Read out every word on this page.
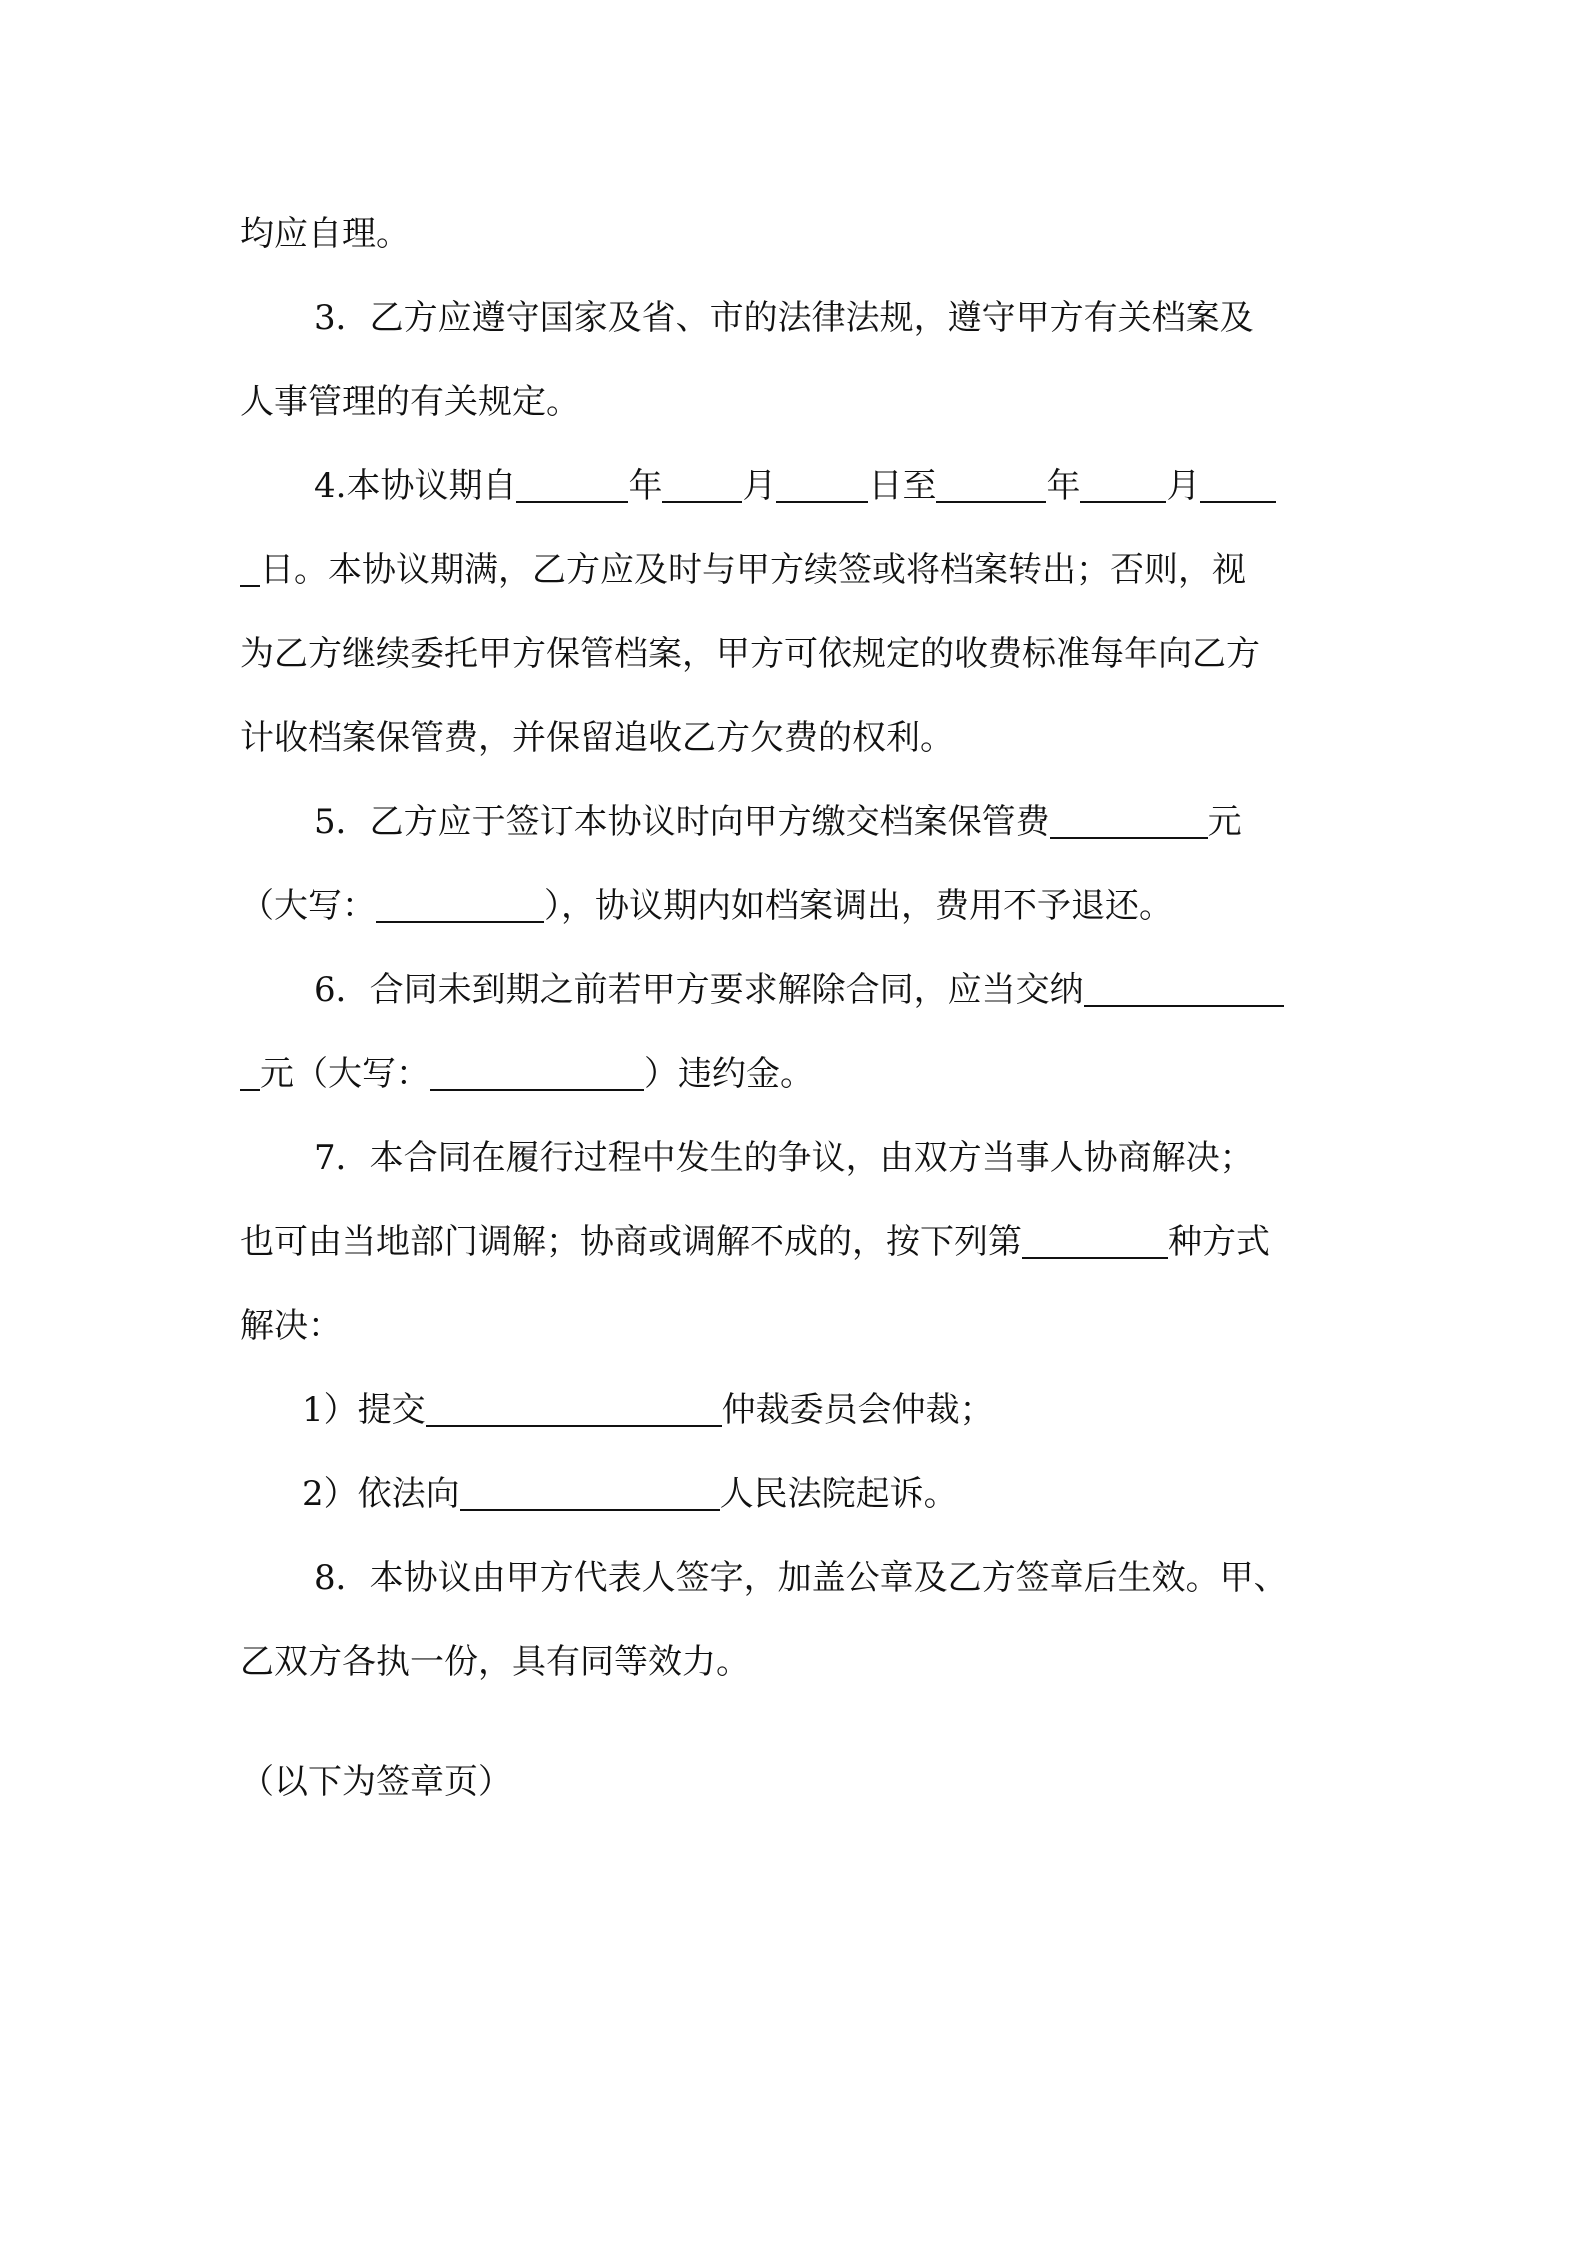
均应自理。
3．乙方应遵守国家及省、市的法律法规，遵守甲方有关档案及
人事管理的有关规定。
4.本协议期自	年 月	日至	年	月
日。本协议期满，乙方应及时与甲方续签或将档案转出；否则，视
为乙方继续委托甲方保管档案，甲方可依规定的收费标准每年向乙方
计收档案保管费，并保留追收乙方欠费的权利。
5．乙方应于签订本协议时向甲方缴交档案保管费	元
（大写：	），协议期内如档案调出，费用不予退还。
6．合同未到期之前若甲方要求解除合同，应当交纳
元（大写：	）违约金。
7．本合同在履行过程中发生的争议，由双方当事人协商解决；
也可由当地部门调解；协商或调解不成的，按下列第	种方式
解决：
1）提交	仲裁委员会仲裁；
2）依法向	人民法院起诉。
8．本协议由甲方代表人签字，加盖公章及乙方签章后生效。甲、
乙双方各执一份，具有同等效力。
（以下为签章页）
